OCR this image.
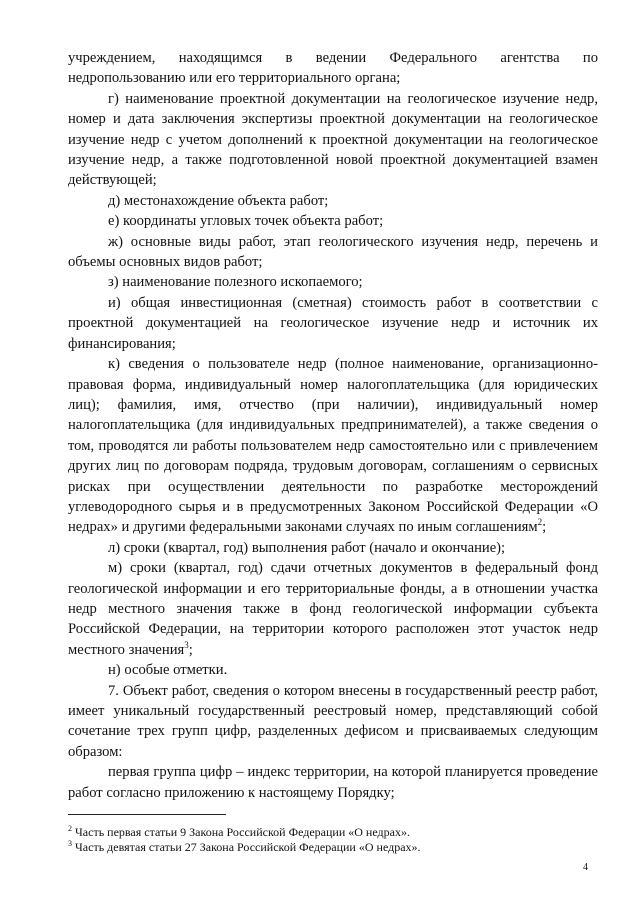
учреждением, находящимся в ведении Федерального агентства по недропользованию или его территориального органа;

г) наименование проектной документации на геологическое изучение недр, номер и дата заключения экспертизы проектной документации на геологическое изучение недр с учетом дополнений к проектной документации на геологическое изучение недр, а также подготовленной новой проектной документацией взамен действующей;

д) местонахождение объекта работ;

е) координаты угловых точек объекта работ;

ж) основные виды работ, этап геологического изучения недр, перечень и объемы основных видов работ;

з) наименование полезного ископаемого;

и) общая инвестиционная (сметная) стоимость работ в соответствии с проектной документацией на геологическое изучение недр и источник их финансирования;

к) сведения о пользователе недр (полное наименование, организационно-правовая форма, индивидуальный номер налогоплательщика (для юридических лиц); фамилия, имя, отчество (при наличии), индивидуальный номер налогоплательщика (для индивидуальных предпринимателей), а также сведения о том, проводятся ли работы пользователем недр самостоятельно или с привлечением других лиц по договорам подряда, трудовым договорам, соглашениям о сервисных рисках при осуществлении деятельности по разработке месторождений углеводородного сырья и в предусмотренных Законом Российской Федерации «О недрах» и другими федеральными законами случаях по иным соглашениям$^2$;

л) сроки (квартал, год) выполнения работ (начало и окончание);

м) сроки (квартал, год) сдачи отчетных документов в федеральный фонд геологической информации и его территориальные фонды, а в отношении участка недр местного значения также в фонд геологической информации субъекта Российской Федерации, на территории которого расположен этот участок недр местного значения$^3$;

н) особые отметки.

7. Объект работ, сведения о котором внесены в государственный реестр работ, имеет уникальный государственный реестровый номер, представляющий собой сочетание трех групп цифр, разделенных дефисом и присваиваемых следующим образом:

первая группа цифр – индекс территории, на которой планируется проведение работ согласно приложению к настоящему Порядку;

$^2$ Часть первая статьи 9 Закона Российской Федерации «О недрах».

$^3$ Часть девятая статьи 27 Закона Российской Федерации «О недрах».

4
